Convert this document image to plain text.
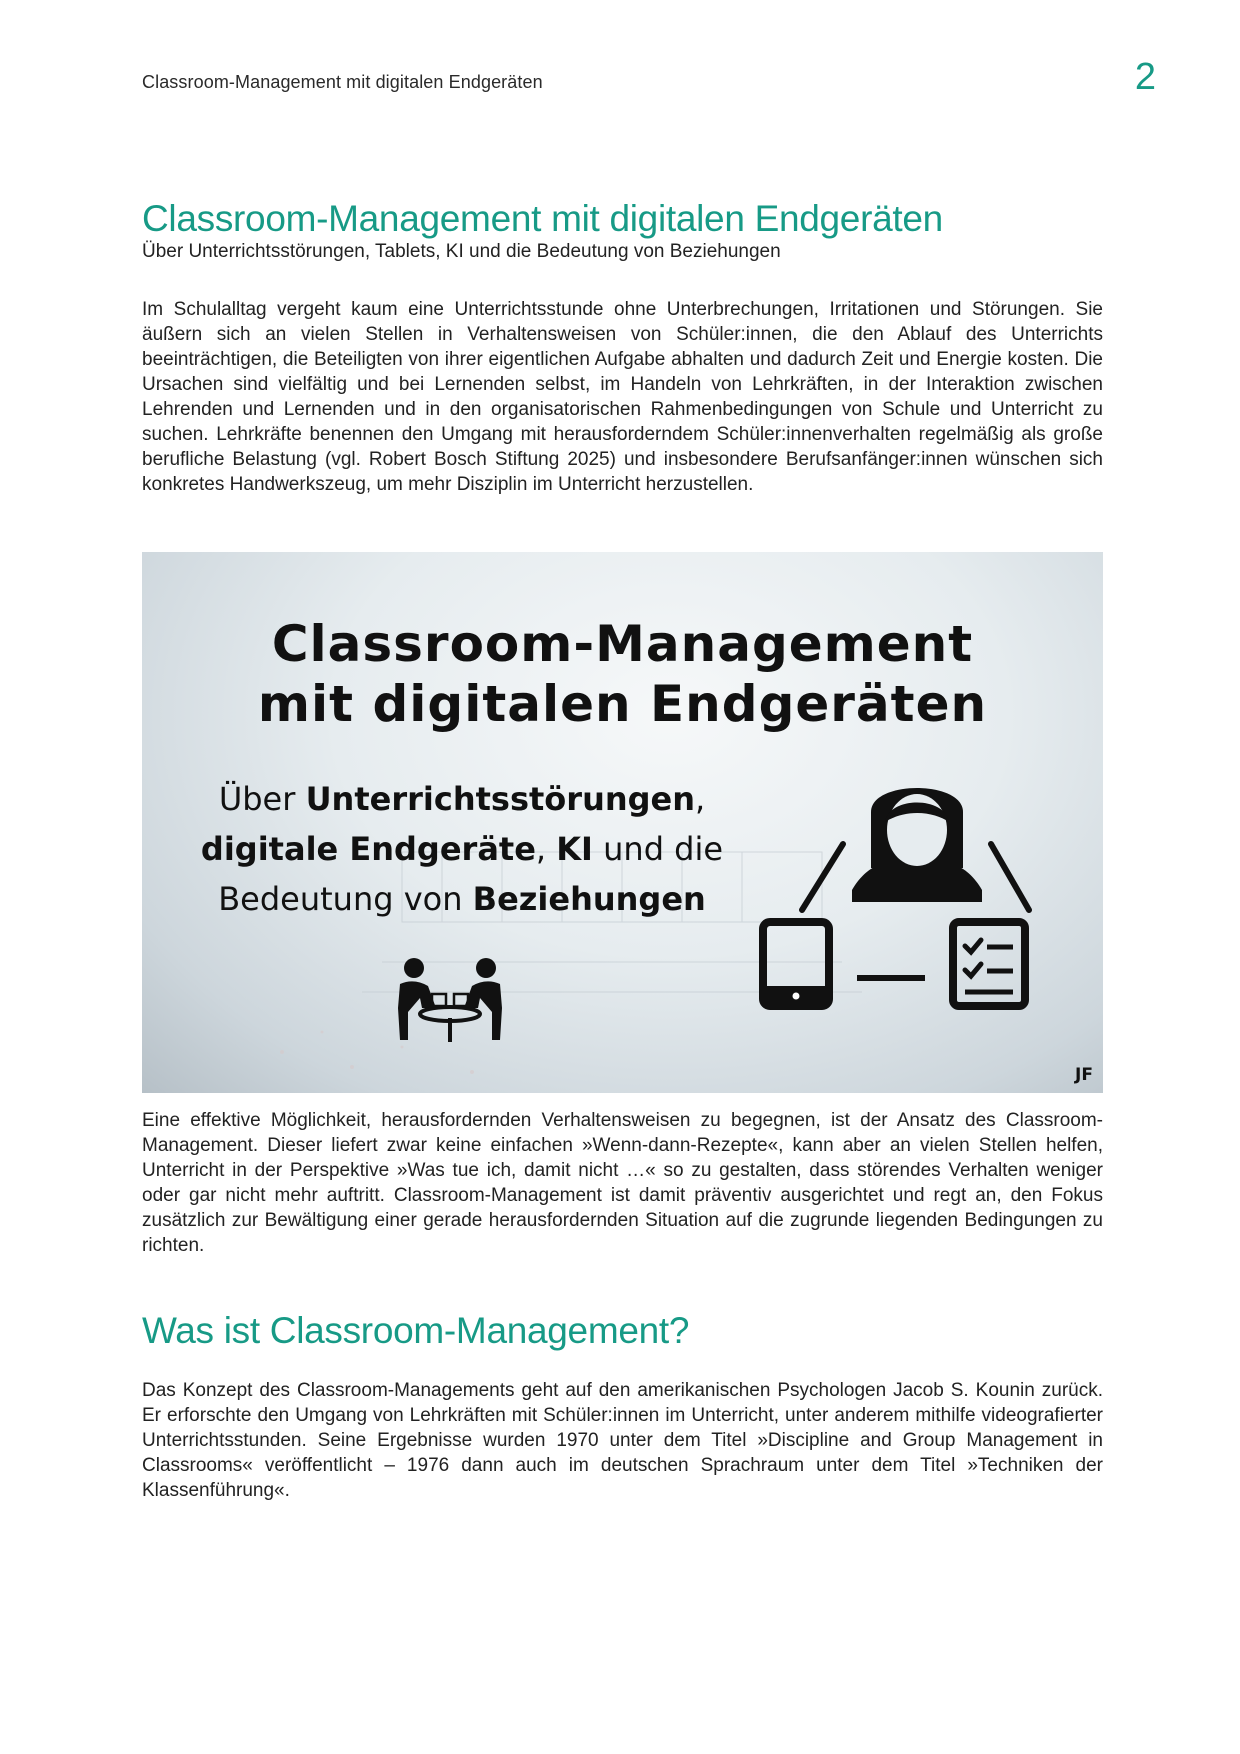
Classroom-Management mit digitalen Endgeräten	2
Classroom-Management mit digitalen Endgeräten
Über Unterrichtsstörungen, Tablets, KI und die Bedeutung von Beziehungen

Im Schulalltag vergeht kaum eine Unterrichtsstunde ohne Unterbrechungen, Irritationen und Störungen. Sie äußern sich an vielen Stellen in Verhaltensweisen von Schüler:innen, die den Ablauf des Unterrichts beeinträchtigen, die Beteiligten von ihrer eigentlichen Aufgabe abhalten und dadurch Zeit und Energie kosten. Die Ursachen sind vielfältig und bei Lernenden selbst, im Handeln von Lehrkräften, in der Interaktion zwischen Lehrenden und Lernenden und in den organisatorischen Rahmenbedingungen von Schule und Unterricht zu suchen. Lehrkräfte benennen den Umgang mit herausforderndem Schüler:innenverhalten regelmäßig als große berufliche Belastung (vgl. Robert Bosch Stiftung 2025) und insbesondere Berufsanfänger:innen wünschen sich konkretes Handwerkszeug, um mehr Disziplin im Unterricht herzustellen.

Classroom-Management
mit digitalen Endgeräten
Über Unterrichtsstörungen,
digitale Endgeräte, KI und die
Bedeutung von Beziehungen
JF

Eine effektive Möglichkeit, herausfordernden Verhaltensweisen zu begegnen, ist der Ansatz des Classroom-Management. Dieser liefert zwar keine einfachen »Wenn-dann-Rezepte«, kann aber an vielen Stellen helfen, Unterricht in der Perspektive »Was tue ich, damit nicht …« so zu gestalten, dass störendes Verhalten weniger oder gar nicht mehr auftritt. Classroom-Management ist damit präventiv ausgerichtet und regt an, den Fokus zusätzlich zur Bewältigung einer gerade herausfordernden Situation auf die zugrunde liegenden Bedingungen zu richten.

Was ist Classroom-Management?

Das Konzept des Classroom-Managements geht auf den amerikanischen Psychologen Jacob S. Kounin zurück. Er erforschte den Umgang von Lehrkräften mit Schüler:innen im Unterricht, unter anderem mithilfe videografierter Unterrichtsstunden. Seine Ergebnisse wurden 1970 unter dem Titel »Discipline and Group Management in Classrooms« veröffentlicht – 1976 dann auch im deutschen Sprachraum unter dem Titel »Techniken der Klassenführung«.
